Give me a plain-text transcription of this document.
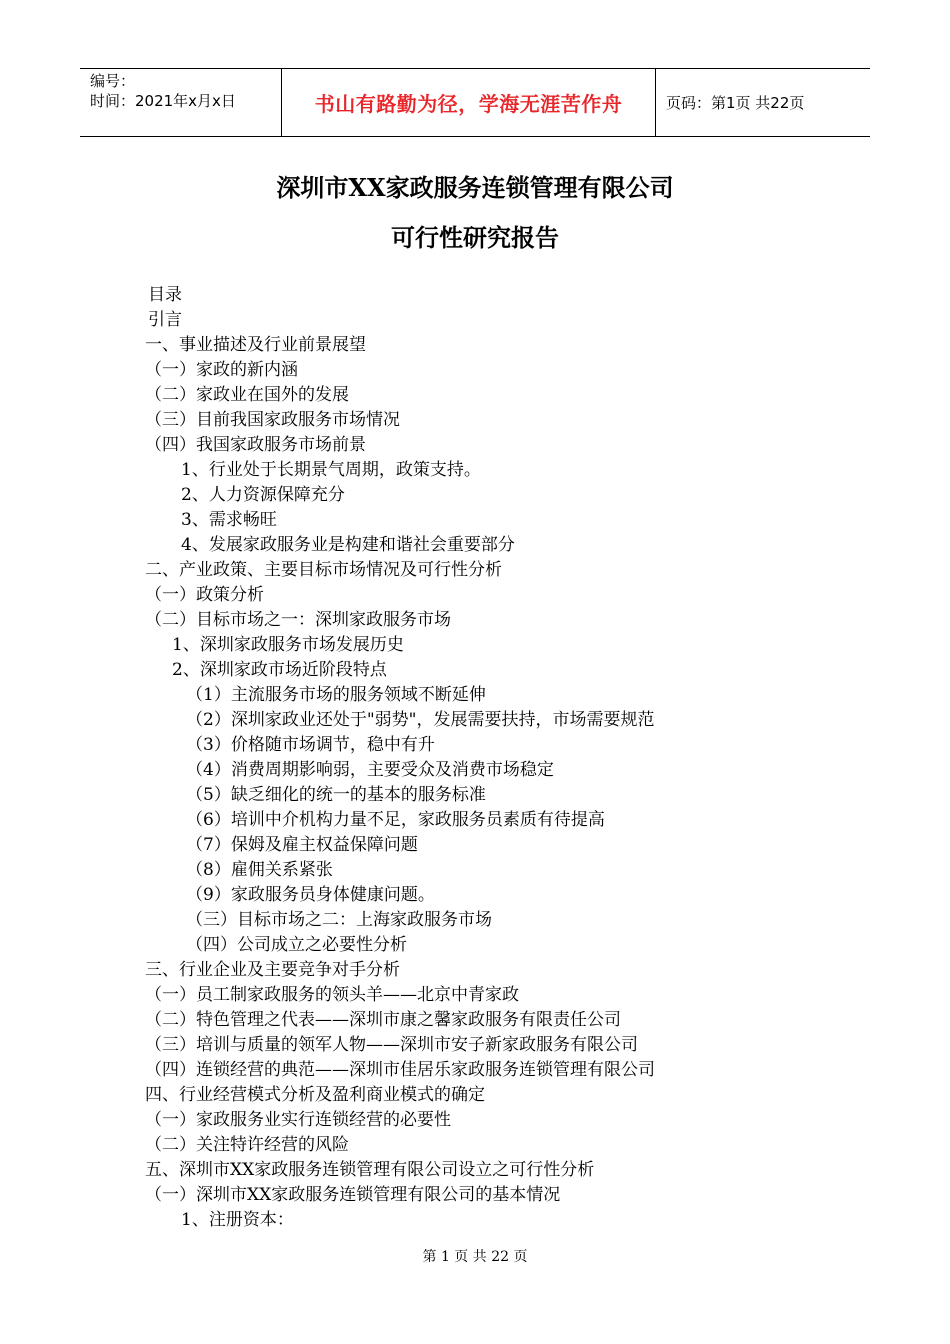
编号：
时间：2021年x月x日	书山有路勤为径，学海无涯苦作舟	页码：第1页 共22页
深圳市XX家政服务连锁管理有限公司
可行性研究报告
目录
引言
一、事业描述及行业前景展望
（一）家政的新内涵
（二）家政业在国外的发展
（三）目前我国家政服务市场情况
（四）我国家政服务市场前景
1、行业处于长期景气周期，政策支持。
2、人力资源保障充分
3、需求畅旺
4、发展家政服务业是构建和谐社会重要部分
二、产业政策、主要目标市场情况及可行性分析
（一）政策分析
（二）目标市场之一：深圳家政服务市场
1、深圳家政服务市场发展历史
2、深圳家政市场近阶段特点
（1）主流服务市场的服务领域不断延伸
（2）深圳家政业还处于"弱势"，发展需要扶持，市场需要规范
（3）价格随市场调节，稳中有升
（4）消费周期影响弱，主要受众及消费市场稳定
（5）缺乏细化的统一的基本的服务标准
（6）培训中介机构力量不足，家政服务员素质有待提高
（7）保姆及雇主权益保障问题
（8）雇佣关系紧张
（9）家政服务员身体健康问题。
（三）目标市场之二：上海家政服务市场
（四）公司成立之必要性分析
三、行业企业及主要竞争对手分析
（一）员工制家政服务的领头羊——北京中青家政
（二）特色管理之代表——深圳市康之馨家政服务有限责任公司
（三）培训与质量的领军人物——深圳市安子新家政服务有限公司
（四）连锁经营的典范——深圳市佳居乐家政服务连锁管理有限公司
四、行业经营模式分析及盈利商业模式的确定
（一）家政服务业实行连锁经营的必要性
（二）关注特许经营的风险
五、深圳市XX家政服务连锁管理有限公司设立之可行性分析
（一）深圳市XX家政服务连锁管理有限公司的基本情况
1、注册资本：
第 1 页 共 22 页
